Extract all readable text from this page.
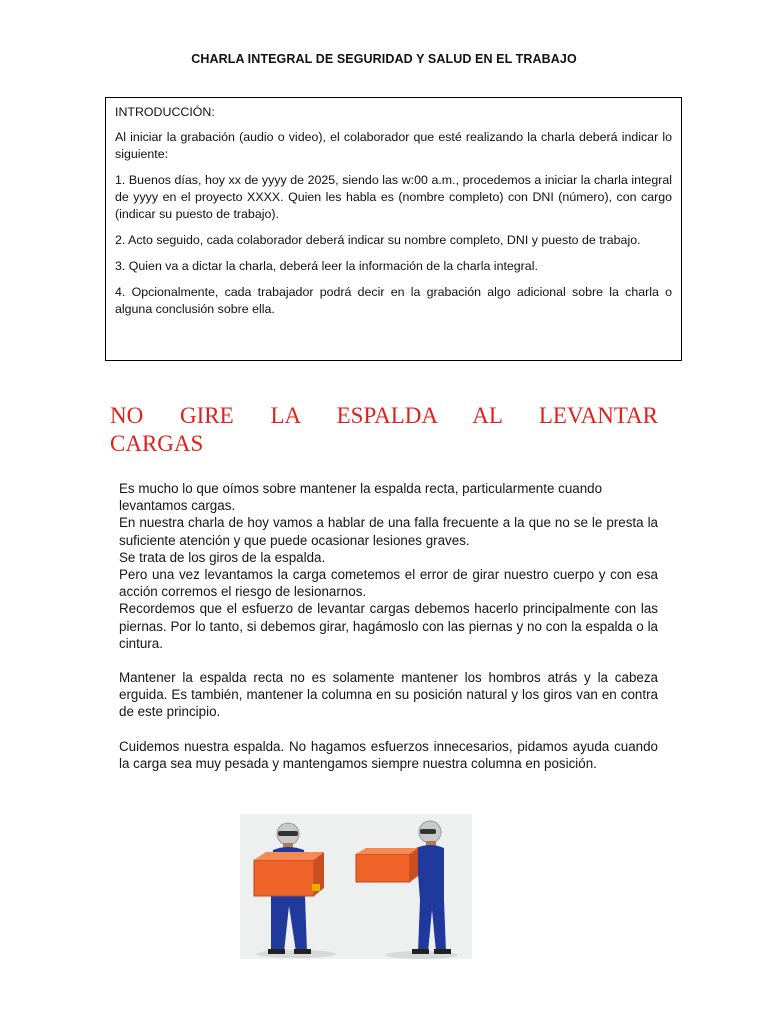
CHARLA INTEGRAL DE SEGURIDAD Y SALUD EN EL TRABAJO

INTRODUCCIÓN:

Al iniciar la grabación (audio o video), el colaborador que esté realizando la charla deberá indicar lo siguiente:

1. Buenos días, hoy xx de yyyy de 2025, siendo las w:00 a.m., procedemos a iniciar la charla integral de yyyy en el proyecto XXXX. Quien les habla es (nombre completo) con DNI (número), con cargo (indicar su puesto de trabajo).

2. Acto seguido, cada colaborador deberá indicar su nombre completo, DNI y puesto de trabajo.

3. Quien va a dictar la charla, deberá leer la información de la charla integral.

4. Opcionalmente, cada trabajador podrá decir en la grabación algo adicional sobre la charla o alguna conclusión sobre ella.

NO GIRE LA ESPALDA AL LEVANTAR
CARGAS

Es mucho lo que oímos sobre mantener la espalda recta, particularmente cuando levantamos cargas.

En nuestra charla de hoy vamos a hablar de una falla frecuente a la que no se le presta la suficiente atención y que puede ocasionar lesiones graves.

Se trata de los giros de la espalda.

Pero una vez levantamos la carga cometemos el error de girar nuestro cuerpo y con esa acción corremos el riesgo de lesionarnos.

Recordemos que el esfuerzo de levantar cargas debemos hacerlo principalmente con las piernas. Por lo tanto, si debemos girar, hagámoslo con las piernas y no con la espalda o la cintura.

Mantener la espalda recta no es solamente mantener los hombros atrás y la cabeza erguida. Es también, mantener la columna en su posición natural y los giros van en contra de este principio.

Cuidemos nuestra espalda. No hagamos esfuerzos innecesarios, pidamos ayuda cuando la carga sea muy pesada y mantengamos siempre nuestra columna en posición.
